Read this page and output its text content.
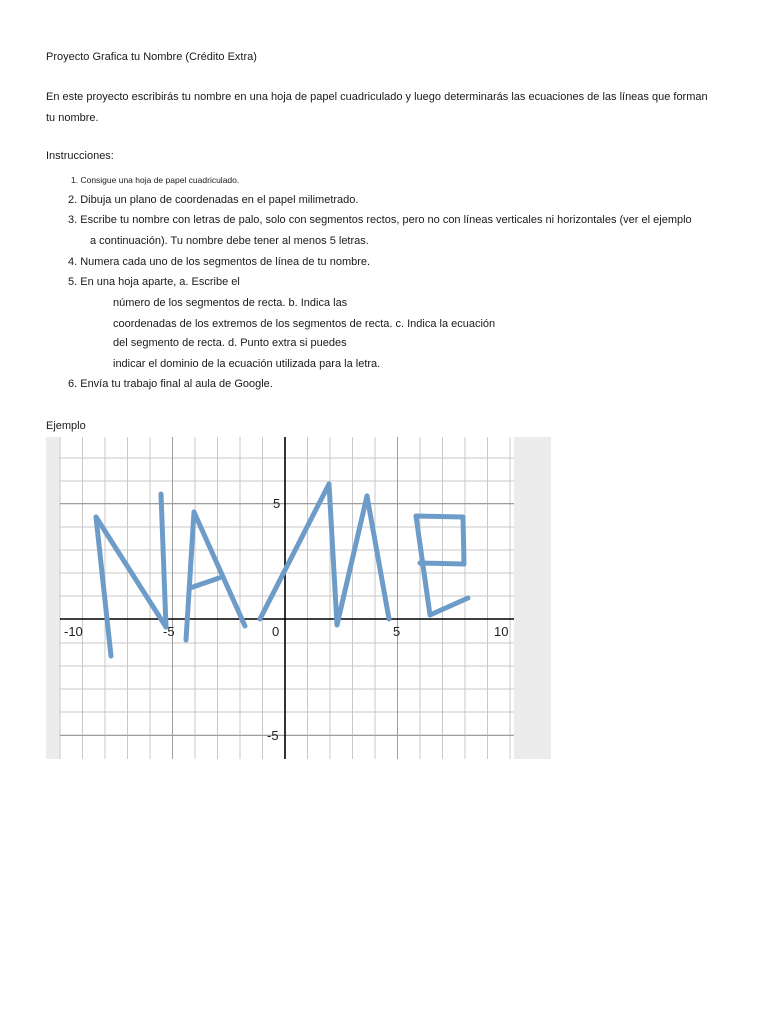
Proyecto Grafica tu Nombre (Crédito Extra)
En este proyecto escribirás tu nombre en una hoja de papel cuadriculado y luego determinarás las ecuaciones de las líneas que forman
tu nombre.
Instrucciones:
1. Consigue una hoja de papel cuadriculado.
2. Dibuja un plano de coordenadas en el papel milimetrado.
3. Escribe tu nombre con letras de palo, solo con segmentos rectos, pero no con líneas verticales ni horizontales (ver el ejemplo
a continuación). Tu nombre debe tener al menos 5 letras.
4. Numera cada uno de los segmentos de línea de tu nombre.
5. En una hoja aparte, a. Escribe el
número de los segmentos de recta. b. Indica las
coordenadas de los extremos de los segmentos de recta. c. Indica la ecuación
del segmento de recta. d. Punto extra si puedes
indicar el dominio de la ecuación utilizada para la letra.
6. Envía tu trabajo final al aula de Google.
Ejemplo
-10	-5	0	5	10
5
-5
